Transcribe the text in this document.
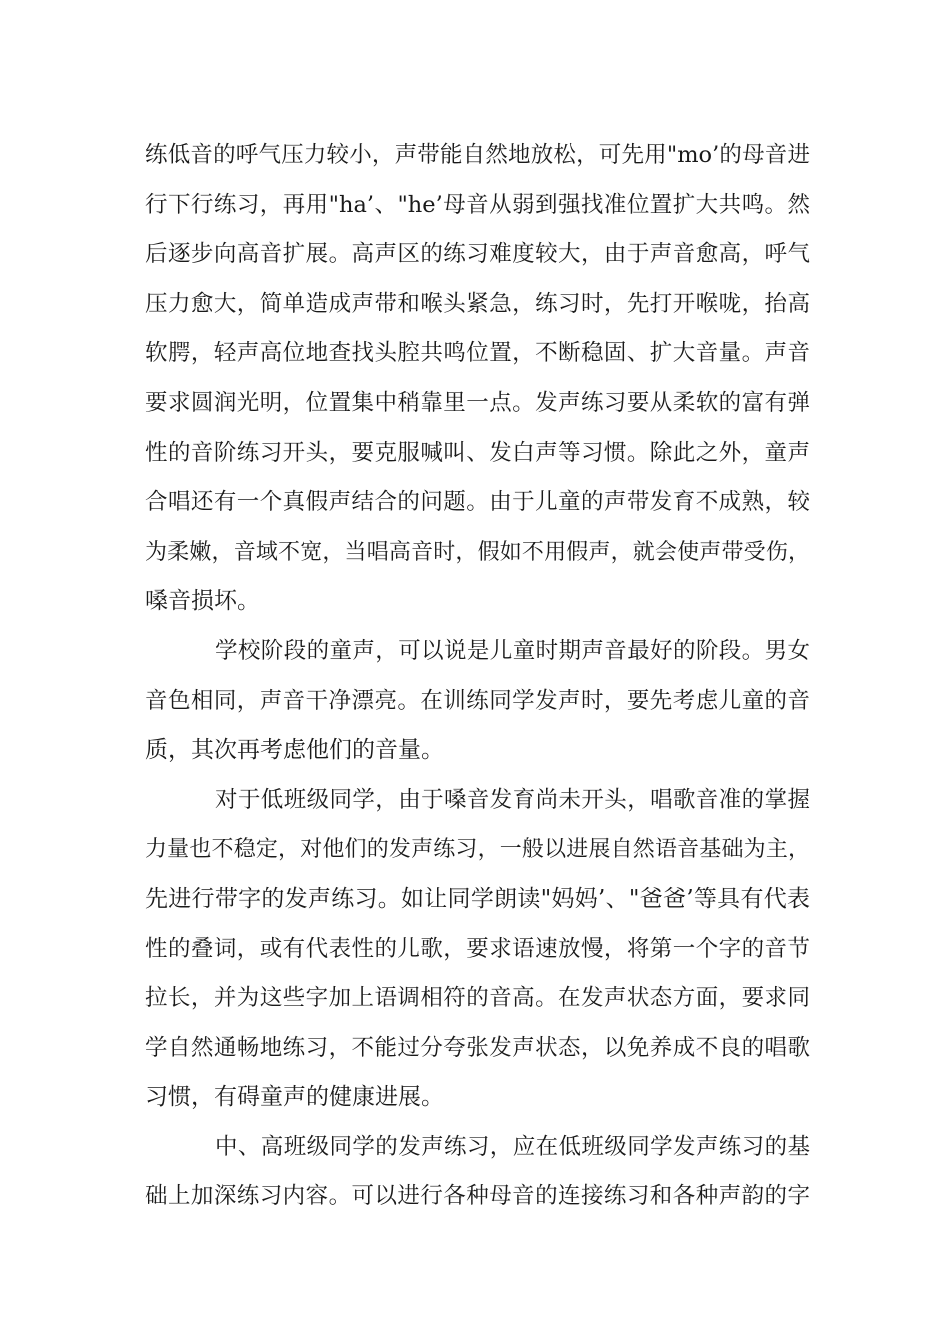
练低音的呼气压力较小，声带能自然地放松，可先用"mo’的母音进
行下行练习，再用"ha’、"he’母音从弱到强找准位置扩大共鸣。然
后逐步向高音扩展。高声区的练习难度较大，由于声音愈高，呼气
压力愈大，简单造成声带和喉头紧急，练习时，先打开喉咙，抬高
软腭，轻声高位地查找头腔共鸣位置，不断稳固、扩大音量。声音
要求圆润光明，位置集中稍靠里一点。发声练习要从柔软的富有弹
性的音阶练习开头，要克服喊叫、发白声等习惯。除此之外，童声
合唱还有一个真假声结合的问题。由于儿童的声带发育不成熟，较
为柔嫩，音域不宽，当唱高音时，假如不用假声，就会使声带受伤，
嗓音损坏。
学校阶段的童声，可以说是儿童时期声音最好的阶段。男女
音色相同，声音干净漂亮。在训练同学发声时，要先考虑儿童的音
质，其次再考虑他们的音量。
对于低班级同学，由于嗓音发育尚未开头，唱歌音准的掌握
力量也不稳定，对他们的发声练习，一般以进展自然语音基础为主，
先进行带字的发声练习。如让同学朗读"妈妈’、"爸爸’等具有代表
性的叠词，或有代表性的儿歌，要求语速放慢，将第一个字的音节
拉长，并为这些字加上语调相符的音高。在发声状态方面，要求同
学自然通畅地练习，不能过分夸张发声状态，以免养成不良的唱歌
习惯，有碍童声的健康进展。
中、高班级同学的发声练习，应在低班级同学发声练习的基
础上加深练习内容。可以进行各种母音的连接练习和各种声韵的字
